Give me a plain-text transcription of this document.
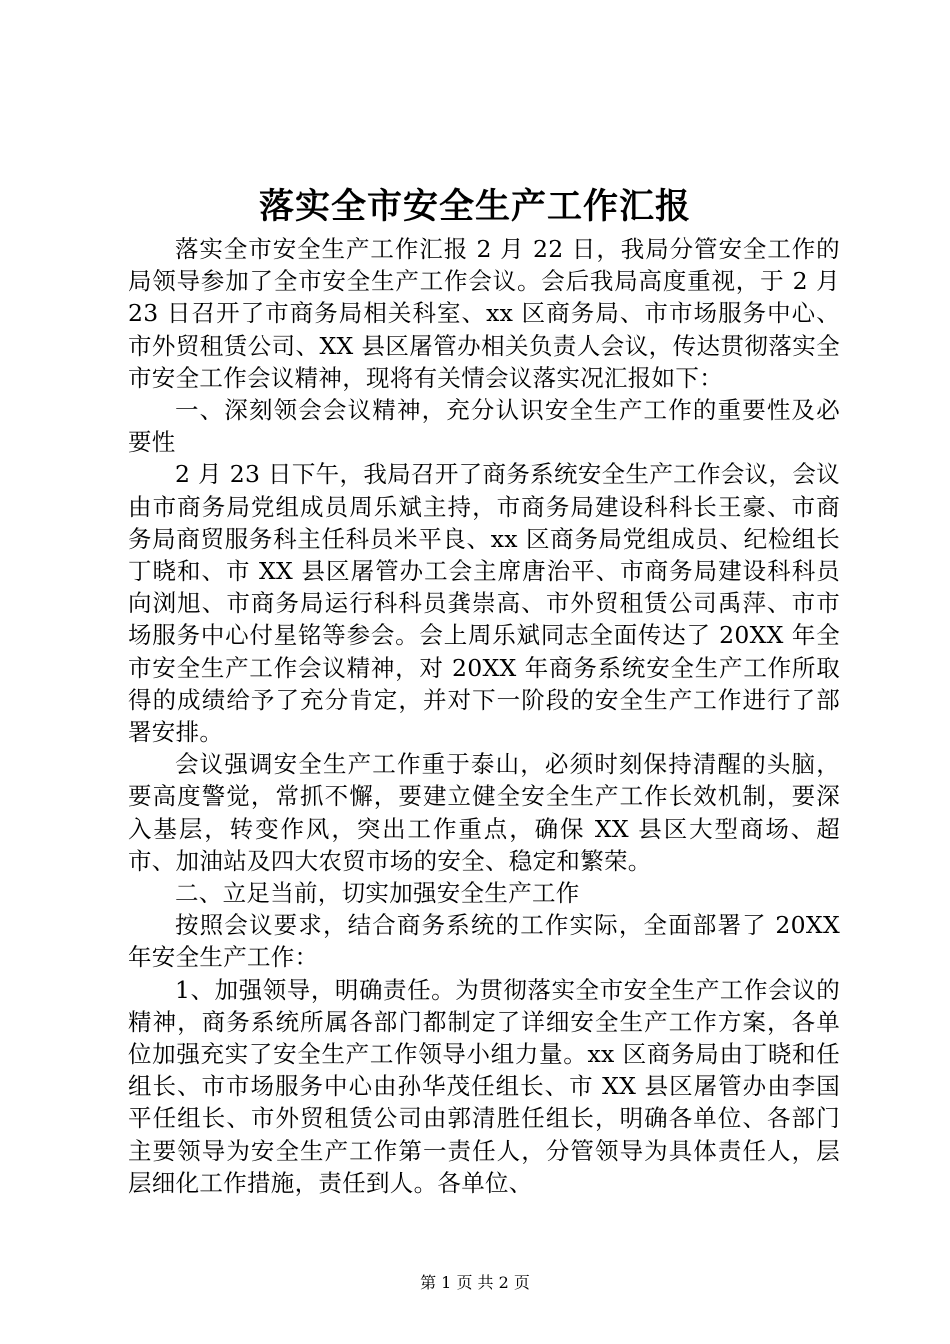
落实全市安全生产工作汇报

落实全市安全生产工作汇报 2 月 22 日，我局分管安全工作的局领导参加了全市安全生产工作会议。会后我局高度重视，于 2 月 23 日召开了市商务局相关科室、xx 区商务局、市市场服务中心、市外贸租赁公司、XX 县区屠管办相关负责人会议，传达贯彻落实全市安全工作会议精神，现将有关情会议落实况汇报如下：

一、深刻领会会议精神，充分认识安全生产工作的重要性及必要性

2 月 23 日下午，我局召开了商务系统安全生产工作会议，会议由市商务局党组成员周乐斌主持，市商务局建设科科长王豪、市商务局商贸服务科主任科员米平良、xx 区商务局党组成员、纪检组长丁晓和、市 XX 县区屠管办工会主席唐治平、市商务局建设科科员向浏旭、市商务局运行科科员龚崇高、市外贸租赁公司禹萍、市市场服务中心付星铭等参会。会上周乐斌同志全面传达了 20XX 年全市安全生产工作会议精神，对 20XX 年商务系统安全生产工作所取得的成绩给予了充分肯定，并对下一阶段的安全生产工作进行了部署安排。

会议强调安全生产工作重于泰山，必须时刻保持清醒的头脑，要高度警觉，常抓不懈，要建立健全安全生产工作长效机制，要深入基层，转变作风，突出工作重点，确保 XX 县区大型商场、超市、加油站及四大农贸市场的安全、稳定和繁荣。

二、立足当前，切实加强安全生产工作

按照会议要求，结合商务系统的工作实际，全面部署了 20XX 年安全生产工作：

1、加强领导，明确责任。为贯彻落实全市安全生产工作会议的精神，商务系统所属各部门都制定了详细安全生产工作方案，各单位加强充实了安全生产工作领导小组力量。xx 区商务局由丁晓和任组长、市市场服务中心由孙华茂任组长、市 XX 县区屠管办由李国平任组长、市外贸租赁公司由郭清胜任组长，明确各单位、各部门主要领导为安全生产工作第一责任人，分管领导为具体责任人，层层细化工作措施，责任到人。各单位、

第 1 页 共 2 页
